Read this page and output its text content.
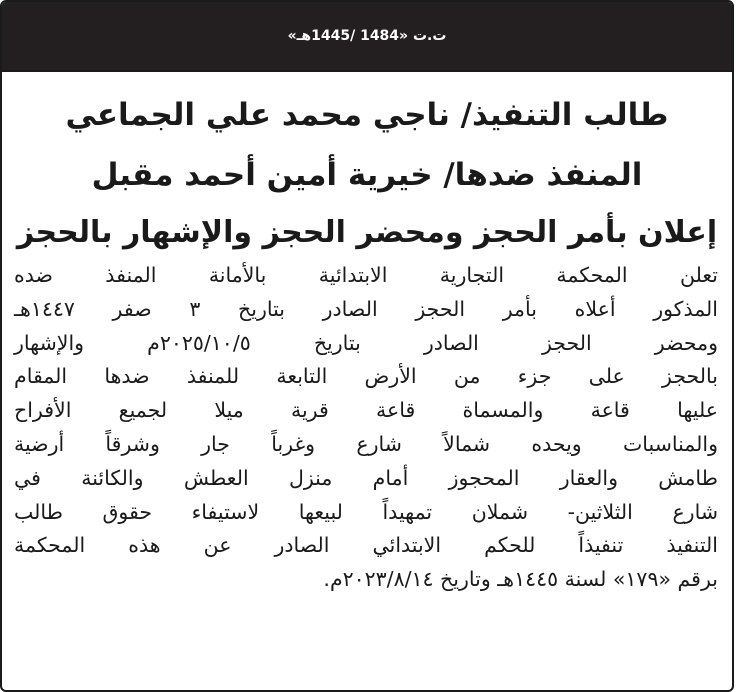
ت.ت «1484 /1445هـ»
طالب التنفيذ/ ناجي محمد علي الجماعي
المنفذ ضدها/ خيرية أمين أحمد مقبل
إعلان بأمر الحجز ومحضر الحجز والإشهار بالحجز
تعلن المحكمة التجارية الابتدائية بالأمانة المنفذ ضده
المذكور أعلاه بأمر الحجز الصادر بتاريخ ٣ صفر ١٤٤٧هـ
ومحضر الحجز الصادر بتاريخ ٢٠٢٥/١٠/٥م والإشهار
بالحجز على جزء من الأرض التابعة للمنفذ ضدها المقام
عليها قاعة والمسماة قاعة قرية ميلا لجميع الأفراح
والمناسبات ويحده شمالاً شارع وغرباً جار وشرقاً أرضية
طامش والعقار المحجوز أمام منزل العطش والكائنة في
شارع الثلاثين- شملان تمهيداً لبيعها لاستيفاء حقوق طالب
التنفيذ تنفيذاً للحكم الابتدائي الصادر عن هذه المحكمة
برقم «١٧٩» لسنة ١٤٤٥هـ وتاريخ ٢٠٢٣/٨/١٤م.
